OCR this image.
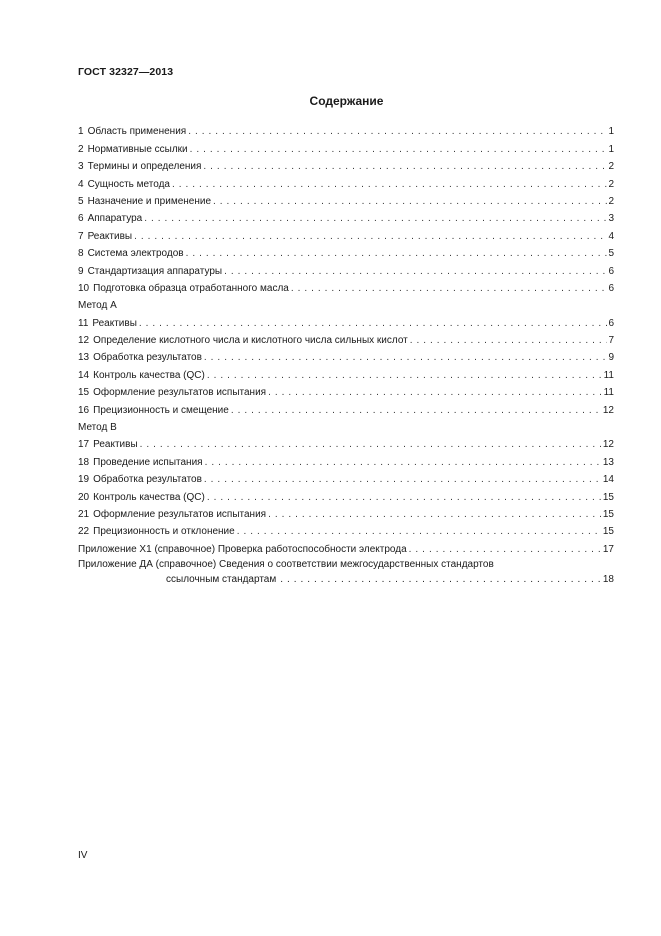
ГОСТ 32327—2013
Содержание
1 Область применения . . .	1
2 Нормативные ссылки . . .	1
3 Термины и определения . . .	2
4 Сущность метода . . .	2
5 Назначение и применение . . .	2
6 Аппаратура . . .	3
7 Реактивы . . .	4
8 Система электродов . . .	5
9 Стандартизация аппаратуры . . .	6
10 Подготовка образца отработанного масла . . .	6
Метод А
11 Реактивы . . .	6
12 Определение кислотного числа и кислотного числа сильных кислот . . .	7
13 Обработка результатов . . .	9
14 Контроль качества (QC) . . .	11
15 Оформление результатов испытания . . .	11
16 Прецизионность и смещение . . .	12
Метод В
17 Реактивы . . .	12
18 Проведение испытания . . .	13
19 Обработка результатов . . .	14
20 Контроль качества (QC) . . .	15
21 Оформление результатов испытания . . .	15
22 Прецизионность и отклонение . . .	15
Приложение Х1 (справочное) Проверка работоспособности электрода . . .	17
Приложение ДА (справочное) Сведения о соответствии межгосударственных стандартов
ссылочным стандартам . . .	18
IV
